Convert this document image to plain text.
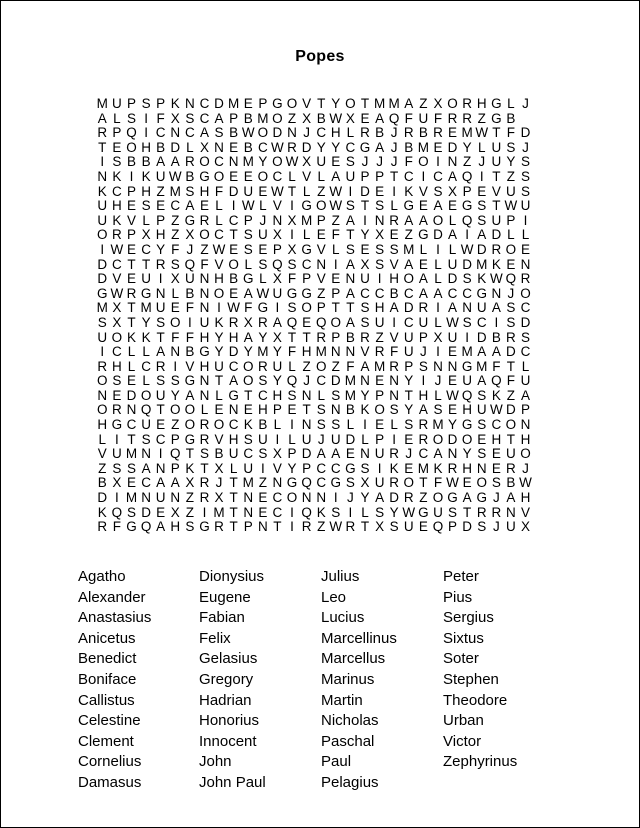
Popes
M U P S P K N C D M E P G O V T Y O T M M A Z X O R H G L J
A L S I F X S C A P B M O Z X B W X E A Q F U F R R Z G B
R P Q I C N C A S B W O D N J C H L R B J R B R E M W T F D
T E O H B D L X N E B C W R D Y Y C G A J B M E D Y L U S J
I S B B A A R O C N M Y O W X U E S J J J F O I N Z J U Y S
N K I K U W B G O E E O C L V L A U P P T C I C A Q I T Z S
K C P H Z M S H F D U E W T L Z W I D E I K V S X P E V U S
U H E S E C A E L I W L V I G O W S T S L G E A E G S T W U
U K V L P Z G R L C P J N X M P Z A I N R A A O L Q S U P I
O R P X H Z X O C T S U X I L E F T Y X E Z G D A I A D L L
I W E C Y F J Z W E S E P X G V L S E S S M L I L W D R O E
D C T T R S Q F V O L S Q S C N I A X S V A E L U D M K E N
D V E U I X U N H B G L X F P V E N U I H O A L D S K W Q R
G W R G N L B N O E A W U G G Z P A C C B C A A C C G N J O
M X T M U E F N I W F G I S O P T T S H A D R I A N U A S C
S X T Y S O I U K R X R A Q E Q O A S U I C U L W S C I S D
U O K K T F F H Y H A Y X T T R P B R Z V U P X U I D B R S
I C L L A N B G Y D Y M Y F H M N N V R F U J I E M A A D C
R H L C R I V H U C O R U L Z O Z F A M R P S N N G M F T L
O S E L S S G N T A O S Y Q J C D M N E N Y I J E U A Q F U
N E D O U Y A N L G T C H S N L S M Y P N T H L W Q S K Z A
O R N Q T O O L E N E H P E T S N B K O S Y A S E H U W D P
H G C U E Z O R O C K B L I N S S L I E L S R M Y G S C O N
L I T S C P G R V H S U I L U J U D L P I E R O D O E H T H
V U M N I Q T S B U C S X P D A A E N U R J C A N Y S E U O
Z S S A N P K T X L U I V Y P C C G S I K E M K R H N E R J
B X E C A A X R J T M Z N G Q C G S X U R O T F W E O S B W
D I M N U N Z R X T N E C O N N I J Y A D R Z O G A G J A H
K Q S D E X Z I M T N E C I Q K S I L S Y W G U S T R R N V
R F G Q A H S G R T P N T I R Z W R T X S U E Q P D S J U X
Agatho
Alexander
Anastasius
Anicetus
Benedict
Boniface
Callistus
Celestine
Clement
Cornelius
Damasus
Dionysius
Eugene
Fabian
Felix
Gelasius
Gregory
Hadrian
Honorius
Innocent
John
John Paul
Julius
Leo
Lucius
Marcellinus
Marcellus
Marinus
Martin
Nicholas
Paschal
Paul
Pelagius
Peter
Pius
Sergius
Sixtus
Soter
Stephen
Theodore
Urban
Victor
Zephyrinus
